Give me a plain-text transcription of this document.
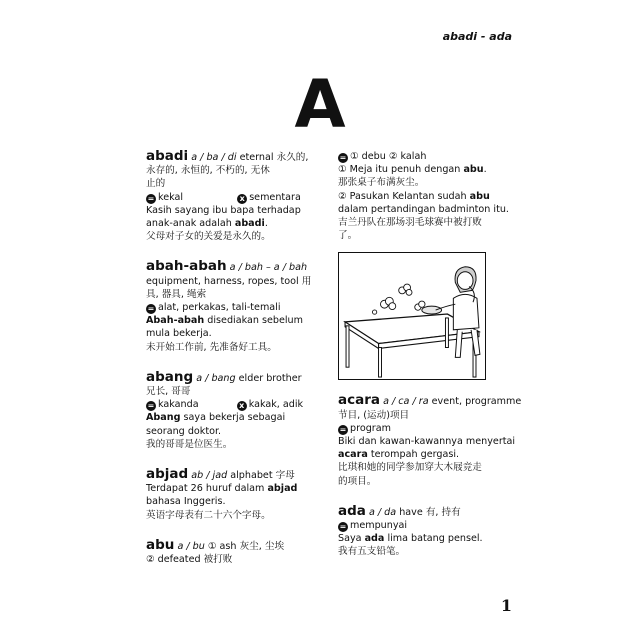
abadi - ada
A
abadi a / ba / di eternal 永久的,
永存的, 永恒的, 不朽的, 无休
止的
=kekal x	sementara
Kasih sayang ibu bapa terhadap
anak-anak adalah abadi.
父母对子女的关爱是永久的。
abah-abah a / bah – a / bah
equipment, harness, ropes, tool 用
具, 器具, 绳索
=alat, perkakas, tali-temali
Abah-abah disediakan sebelum
mula bekerja.
未开始工作前, 先准备好工具。
abang a / bang elder brother
兄长, 哥哥
=kakanda x	kakak, adik
Abang saya bekerja sebagai
seorang doktor.
我的哥哥是位医生。
abjad ab / jad alphabet 字母
Terdapat 26 huruf dalam abjad
bahasa Inggeris.
英语字母表有二十六个字母。
abu a / bu ① ash 灰尘, 尘埃
② defeated 被打败
=① debu ② kalah
① Meja itu penuh dengan abu.
那张桌子布满灰尘。
② Pasukan Kelantan sudah abu
dalam pertandingan badminton itu.
吉兰丹队在那场羽毛球赛中被打败
了。
acara a / ca / ra event, programme
节目, (运动)项目
=program
Biki dan kawan-kawannya menyertai
acara terompah gergasi.
比琪和她的同学参加穿大木屐竞走
的项目。
ada a / da have 有, 持有
=mempunyai
Saya ada lima batang pensel.
我有五支铅笔。
1
